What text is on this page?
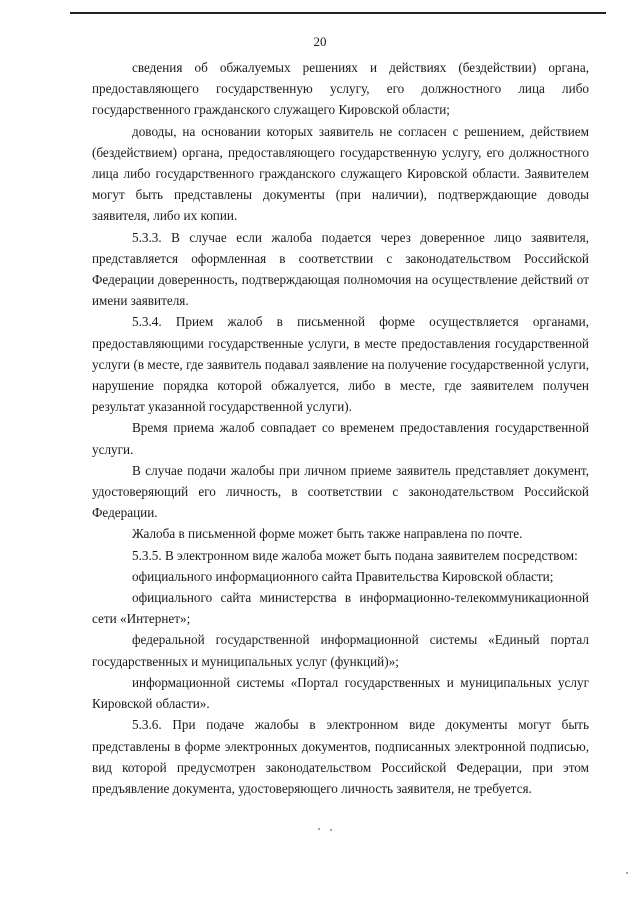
20

сведения об обжалуемых решениях и действиях (бездействии) органа, предоставляющего государственную услугу, его должностного лица либо государственного гражданского служащего Кировской области;

доводы, на основании которых заявитель не согласен с решением, действием (бездействием) органа, предоставляющего государственную услугу, его должностного лица либо государственного гражданского служащего Кировской области. Заявителем могут быть представлены документы (при наличии), подтверждающие доводы заявителя, либо их копии.

5.3.3. В случае если жалоба подается через доверенное лицо заявителя, представляется оформленная в соответствии с законодательством Российской Федерации доверенность, подтверждающая полномочия на осуществление действий от имени заявителя.

5.3.4. Прием жалоб в письменной форме осуществляется органами, предоставляющими государственные услуги, в месте предоставления государственной услуги (в месте, где заявитель подавал заявление на получение государственной услуги, нарушение порядка которой обжалуется, либо в месте, где заявителем получен результат указанной государственной услуги).

Время приема жалоб совпадает со временем предоставления государственной услуги.

В случае подачи жалобы при личном приеме заявитель представляет документ, удостоверяющий его личность, в соответствии с законодательством Российской Федерации.

Жалоба в письменной форме может быть также направлена по почте.

5.3.5. В электронном виде жалоба может быть подана заявителем посредством:

официального информационного сайта Правительства Кировской области;

официального сайта министерства в информационно-телекоммуникационной сети «Интернет»;

федеральной государственной информационной системы «Единый портал государственных и муниципальных услуг (функций)»;

информационной системы «Портал государственных и муниципальных услуг Кировской области».

5.3.6. При подаче жалобы в электронном виде документы могут быть представлены в форме электронных документов, подписанных электронной подписью, вид которой предусмотрен законодательством Российской Федерации, при этом предъявление документа, удостоверяющего личность заявителя, не требуется.
